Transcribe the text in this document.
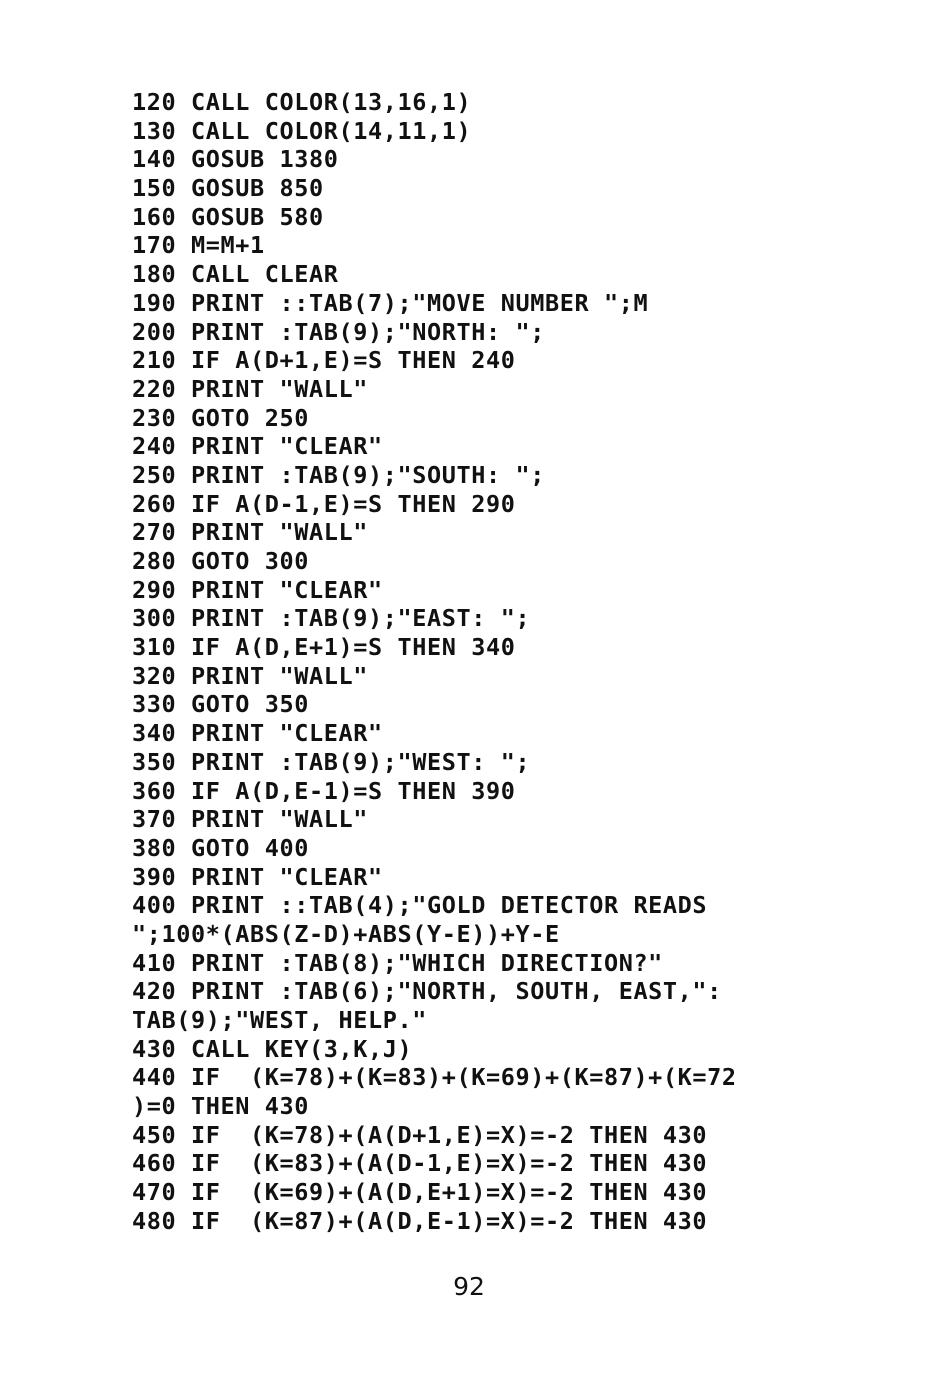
120 CALL COLOR(13,16,1)
130 CALL COLOR(14,11,1)
140 GOSUB 1380
150 GOSUB 850
160 GOSUB 580
170 M=M+1
180 CALL CLEAR
190 PRINT ::TAB(7);"MOVE NUMBER ";M
200 PRINT :TAB(9);"NORTH: ";
210 IF A(D+1,E)=S THEN 240
220 PRINT "WALL"
230 GOTO 250
240 PRINT "CLEAR"
250 PRINT :TAB(9);"SOUTH: ";
260 IF A(D-1,E)=S THEN 290
270 PRINT "WALL"
280 GOTO 300
290 PRINT "CLEAR"
300 PRINT :TAB(9);"EAST: ";
310 IF A(D,E+1)=S THEN 340
320 PRINT "WALL"
330 GOTO 350
340 PRINT "CLEAR"
350 PRINT :TAB(9);"WEST: ";
360 IF A(D,E-1)=S THEN 390
370 PRINT "WALL"
380 GOTO 400
390 PRINT "CLEAR"
400 PRINT ::TAB(4);"GOLD DETECTOR READS
";100*(ABS(Z-D)+ABS(Y-E))+Y-E
410 PRINT :TAB(8);"WHICH DIRECTION?"
420 PRINT :TAB(6);"NORTH, SOUTH, EAST,":
TAB(9);"WEST, HELP."
430 CALL KEY(3,K,J)
440 IF  (K=78)+(K=83)+(K=69)+(K=87)+(K=72
)=0 THEN 430
450 IF  (K=78)+(A(D+1,E)=X)=-2 THEN 430
460 IF  (K=83)+(A(D-1,E)=X)=-2 THEN 430
470 IF  (K=69)+(A(D,E+1)=X)=-2 THEN 430
480 IF  (K=87)+(A(D,E-1)=X)=-2 THEN 430
92
